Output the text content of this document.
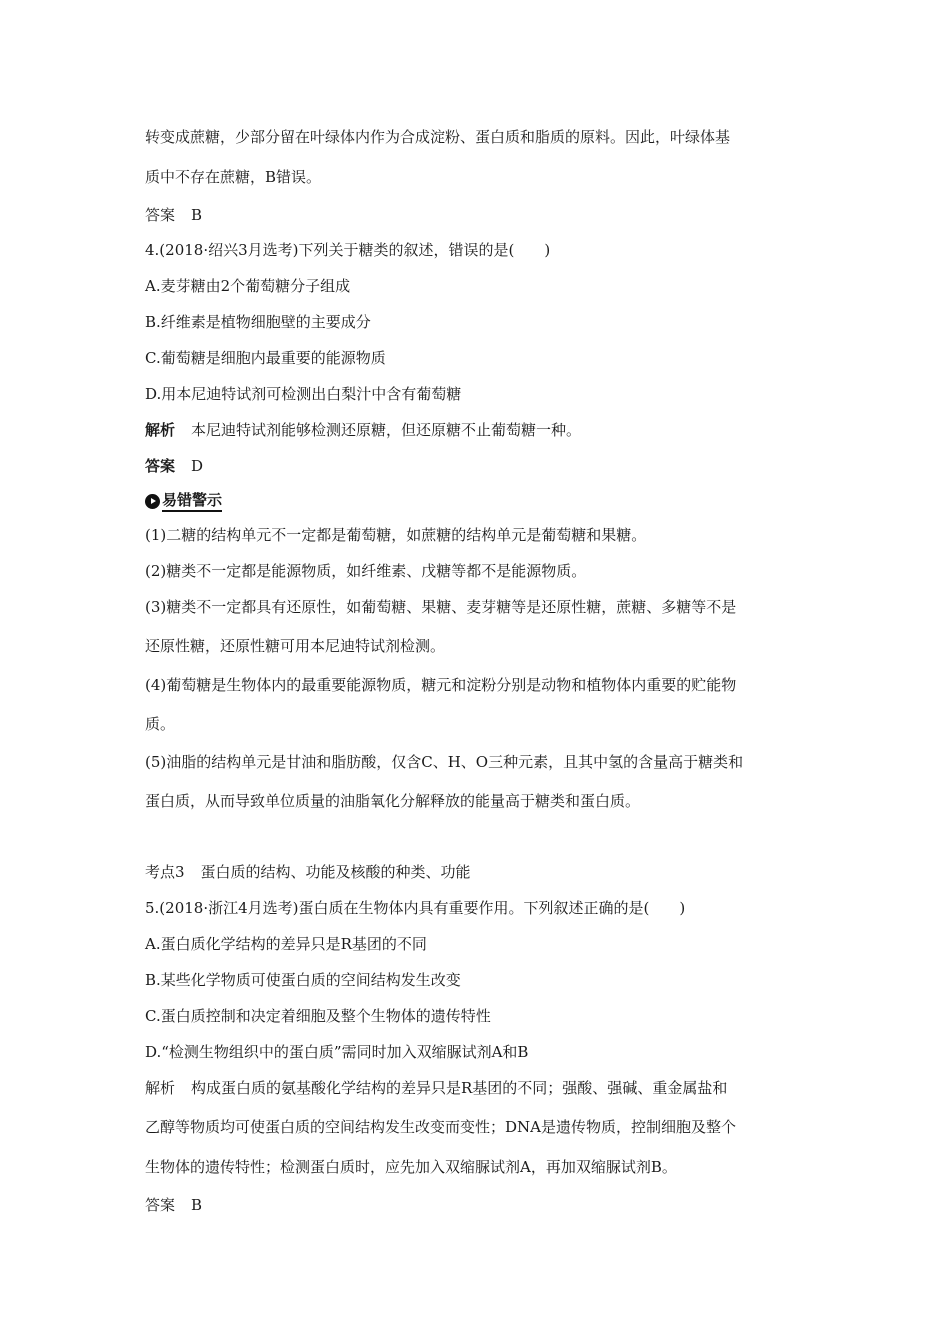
转变成蔗糖，少部分留在叶绿体内作为合成淀粉、蛋白质和脂质的原料。因此，叶绿体基
质中不存在蔗糖，B错误。
答案 B
4.(2018·绍兴3月选考)下列关于糖类的叙述，错误的是(　　)
A.麦芽糖由2个葡萄糖分子组成
B.纤维素是植物细胞壁的主要成分
C.葡萄糖是细胞内最重要的能源物质
D.用本尼迪特试剂可检测出白梨汁中含有葡萄糖
解析 本尼迪特试剂能够检测还原糖，但还原糖不止葡萄糖一种。
答案 D
易错警示
(1)二糖的结构单元不一定都是葡萄糖，如蔗糖的结构单元是葡萄糖和果糖。
(2)糖类不一定都是能源物质，如纤维素、戊糖等都不是能源物质。
(3)糖类不一定都具有还原性，如葡萄糖、果糖、麦芽糖等是还原性糖，蔗糖、多糖等不是
还原性糖，还原性糖可用本尼迪特试剂检测。
(4)葡萄糖是生物体内的最重要能源物质，糖元和淀粉分别是动物和植物体内重要的贮能物
质。
(5)油脂的结构单元是甘油和脂肪酸，仅含C、H、O三种元素，且其中氢的含量高于糖类和
蛋白质，从而导致单位质量的油脂氧化分解释放的能量高于糖类和蛋白质。
考点3 蛋白质的结构、功能及核酸的种类、功能
5.(2018·浙江4月选考)蛋白质在生物体内具有重要作用。下列叙述正确的是(　　)
A.蛋白质化学结构的差异只是R基团的不同
B.某些化学物质可使蛋白质的空间结构发生改变
C.蛋白质控制和决定着细胞及整个生物体的遗传特性
D.“检测生物组织中的蛋白质”需同时加入双缩脲试剂A和B
解析 构成蛋白质的氨基酸化学结构的差异只是R基团的不同；强酸、强碱、重金属盐和
乙醇等物质均可使蛋白质的空间结构发生改变而变性；DNA是遗传物质，控制细胞及整个
生物体的遗传特性；检测蛋白质时，应先加入双缩脲试剂A，再加双缩脲试剂B。
答案 B
